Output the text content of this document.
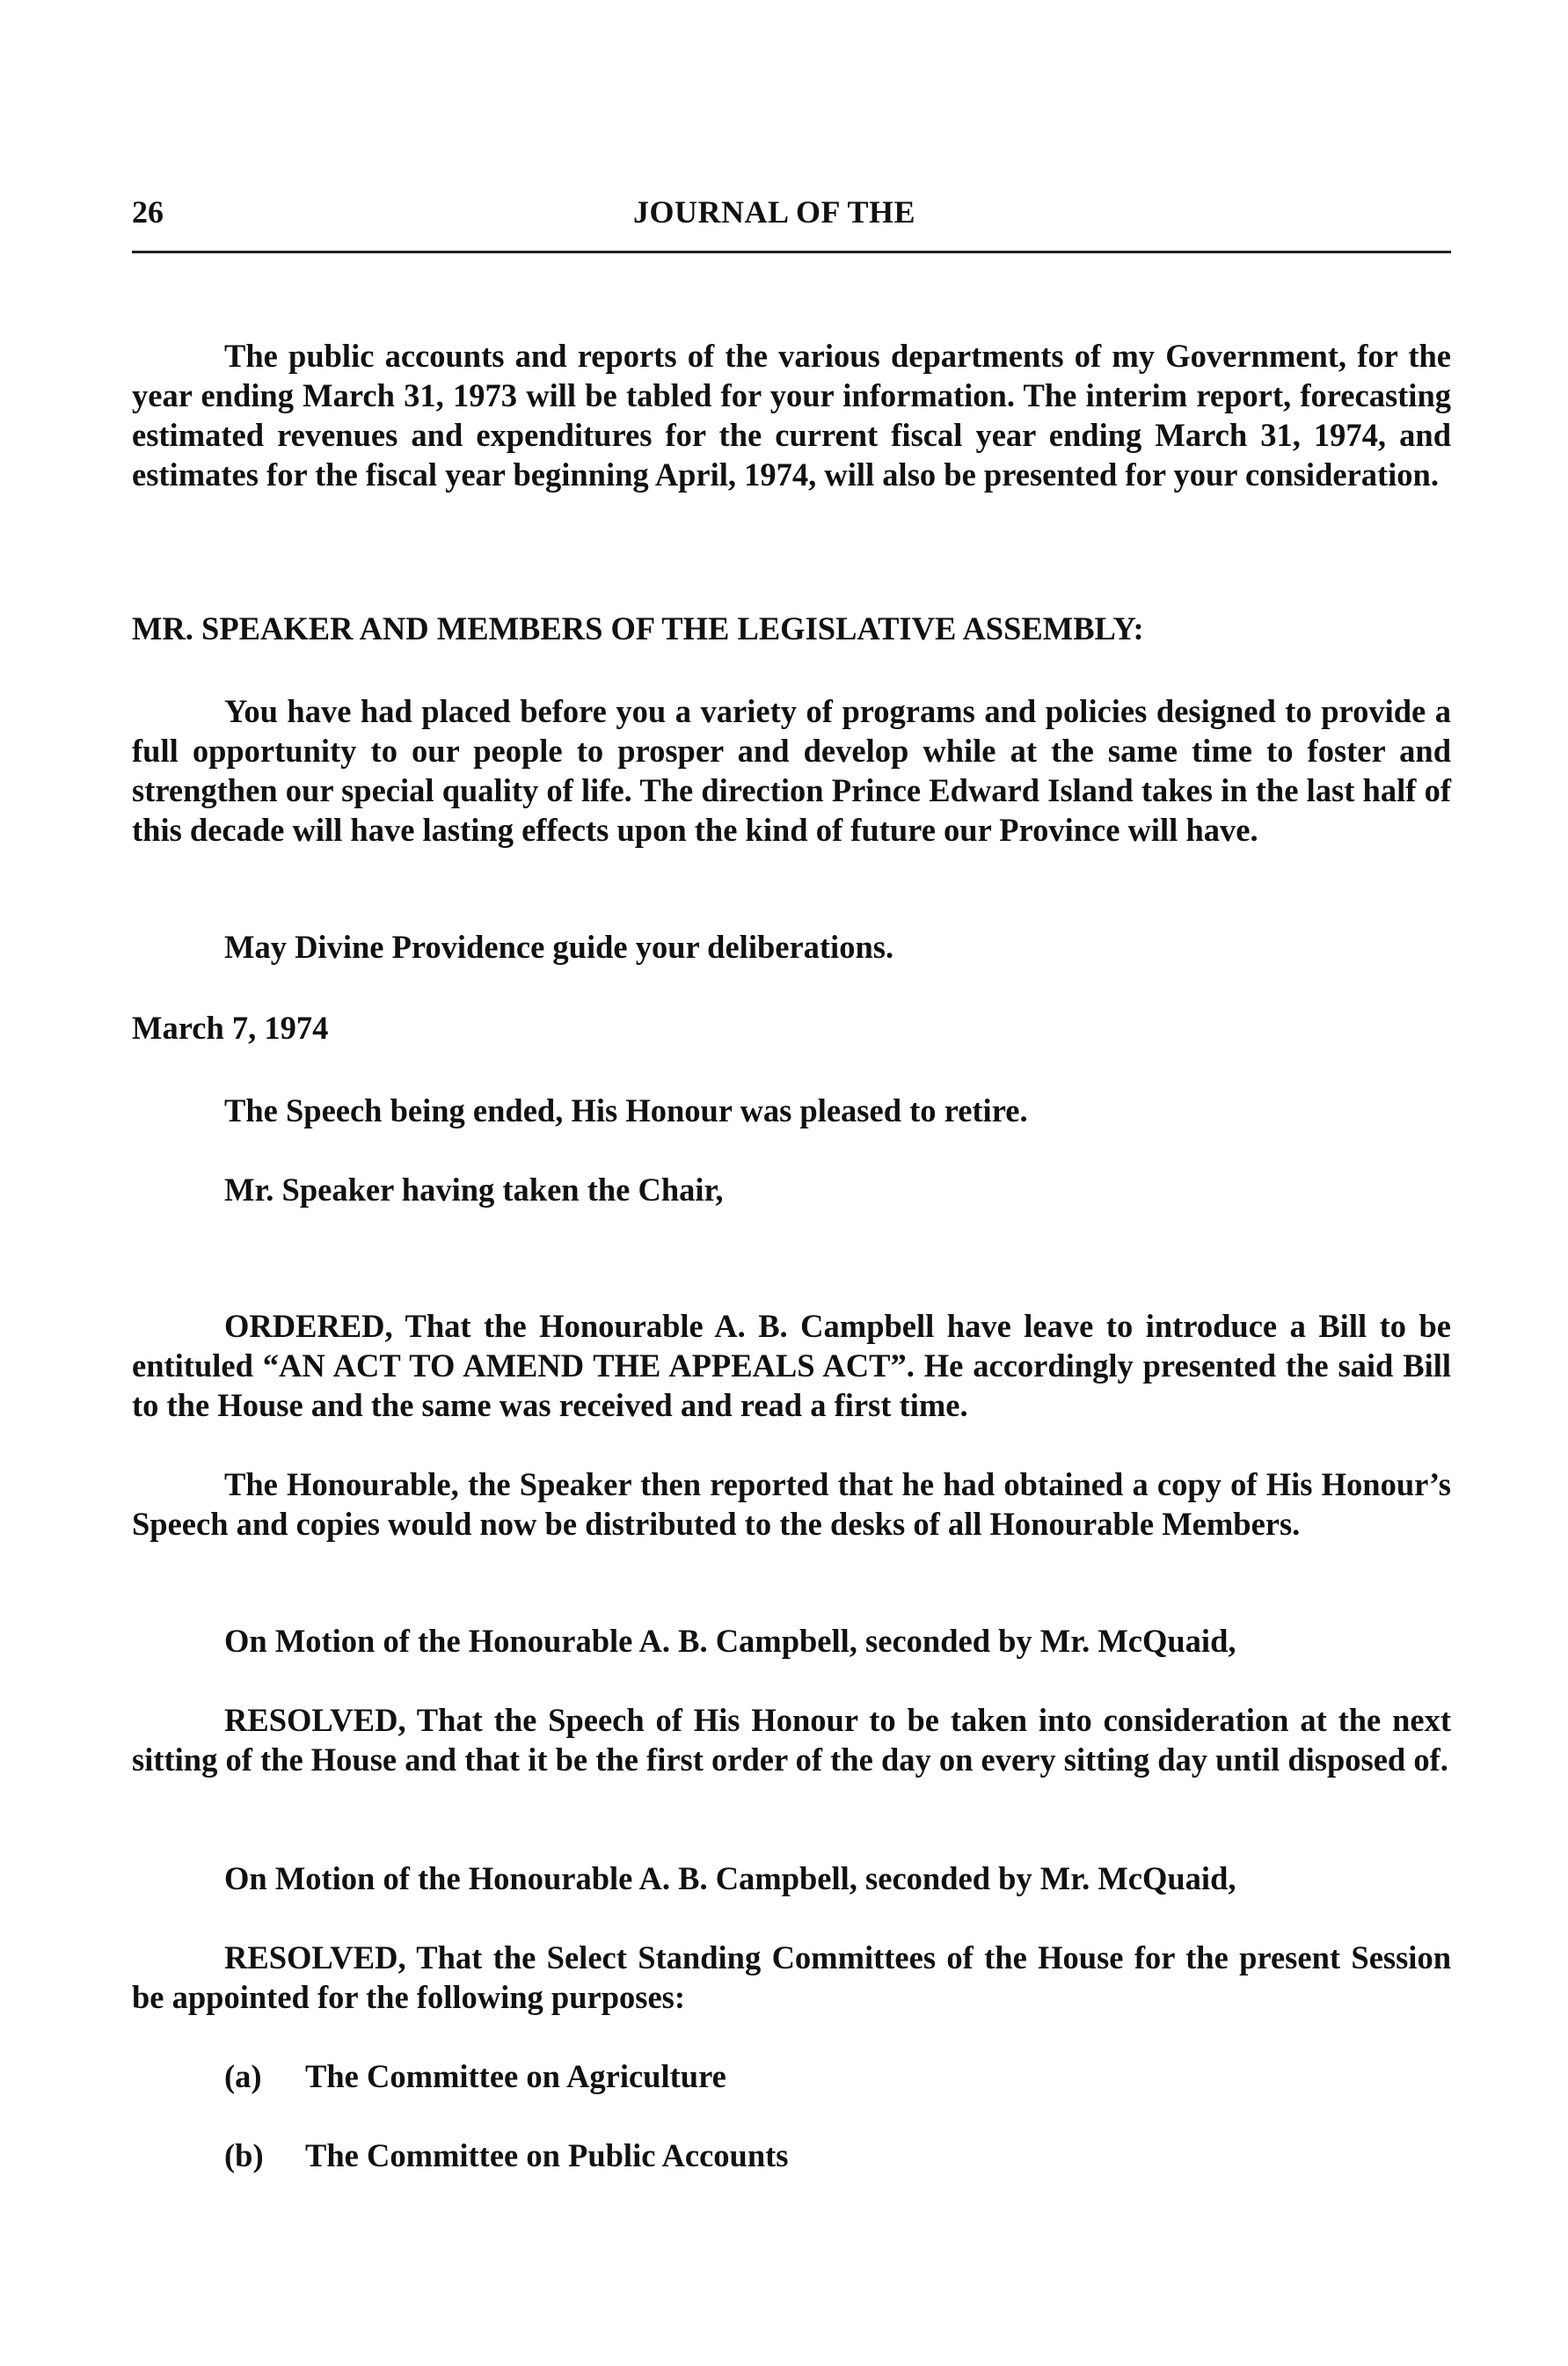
26	JOURNAL OF THE

The public accounts and reports of the various departments of my Government, for the year ending March 31, 1973 will be tabled for your information. The interim report, forecasting estimated revenues and expenditures for the current fiscal year ending March 31, 1974, and estimates for the fiscal year beginning April, 1974, will also be presented for your consideration.

MR. SPEAKER AND MEMBERS OF THE LEGISLATIVE ASSEMBLY:

You have had placed before you a variety of programs and policies designed to provide a full opportunity to our people to prosper and develop while at the same time to foster and strengthen our special quality of life. The direction Prince Edward Island takes in the last half of this decade will have lasting effects upon the kind of future our Province will have.

May Divine Providence guide your deliberations.

March 7, 1974

The Speech being ended, His Honour was pleased to retire.

Mr. Speaker having taken the Chair,

ORDERED, That the Honourable A. B. Campbell have leave to introduce a Bill to be entituled “AN ACT TO AMEND THE APPEALS ACT”. He accordingly presented the said Bill to the House and the same was received and read a first time.

The Honourable, the Speaker then reported that he had obtained a copy of His Honour’s Speech and copies would now be distributed to the desks of all Honourable Members.

On Motion of the Honourable A. B. Campbell, seconded by Mr. McQuaid,

RESOLVED, That the Speech of His Honour to be taken into consideration at the next sitting of the House and that it be the first order of the day on every sitting day until disposed of.

On Motion of the Honourable A. B. Campbell, seconded by Mr. McQuaid,

RESOLVED, That the Select Standing Committees of the House for the present Session be appointed for the following purposes:

(a) The Committee on Agriculture
(b) The Committee on Public Accounts
